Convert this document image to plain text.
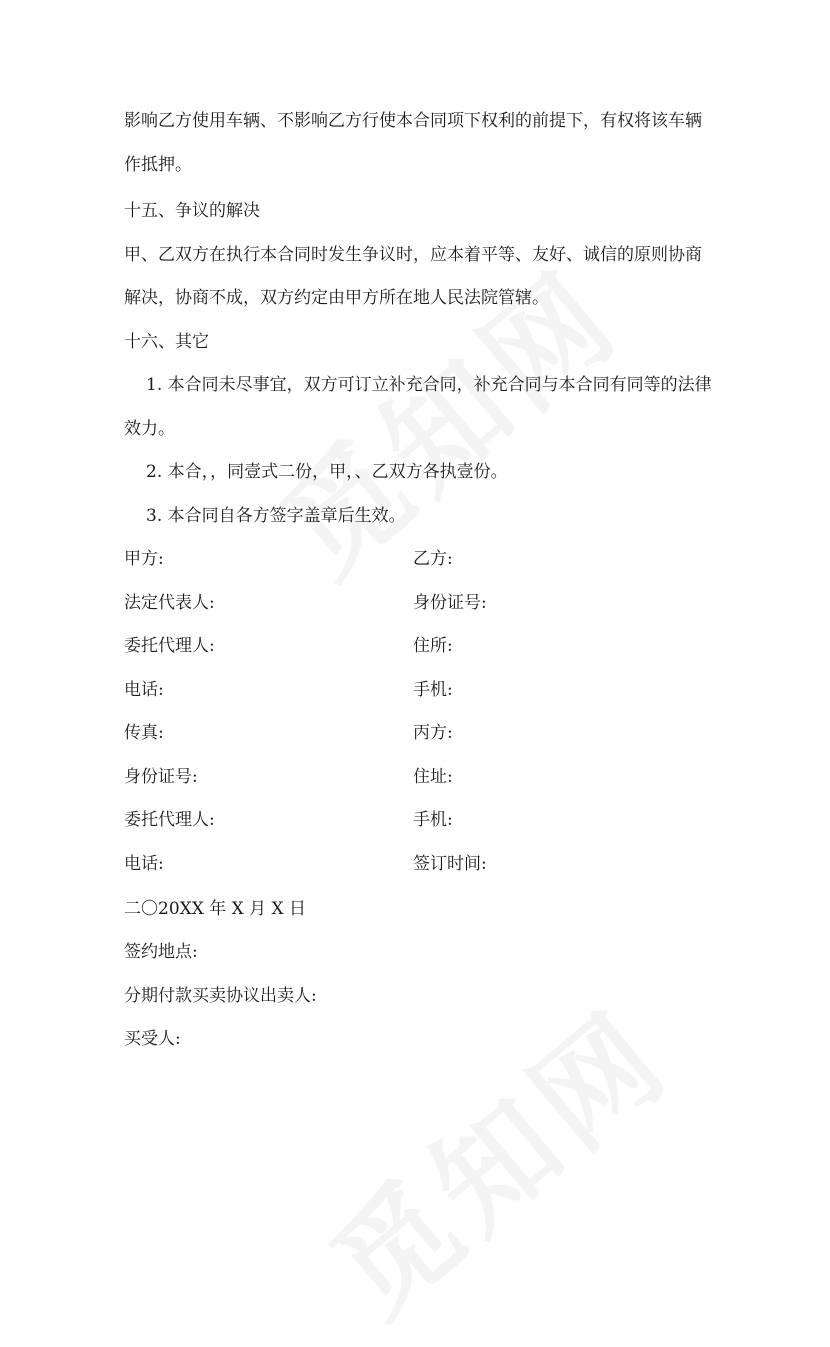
影响乙方使用车辆、不影响乙方行使本合同项下权利的前提下，有权将该车辆
作抵押。
十五、争议的解决
甲、乙双方在执行本合同时发生争议时，应本着平等、友好、诚信的原则协商
解决，协商不成，双方约定由甲方所在地人民法院管辖。
十六、其它
1. 本合同未尽事宜，双方可订立补充合同，补充合同与本合同有同等的法律
效力。
2. 本合，，同壹式二份，甲，、乙双方各执壹份。
3. 本合同自各方签字盖章后生效。
甲方:	乙方:
法定代表人:	身份证号:
委托代理人:	住所:
电话:	手机:
传真:	丙方:
身份证号:	住址:
委托代理人:	手机:
电话:	签订时间:
二〇20XX 年 X 月 X 日
签约地点:
分期付款买卖协议出卖人:
买受人:
